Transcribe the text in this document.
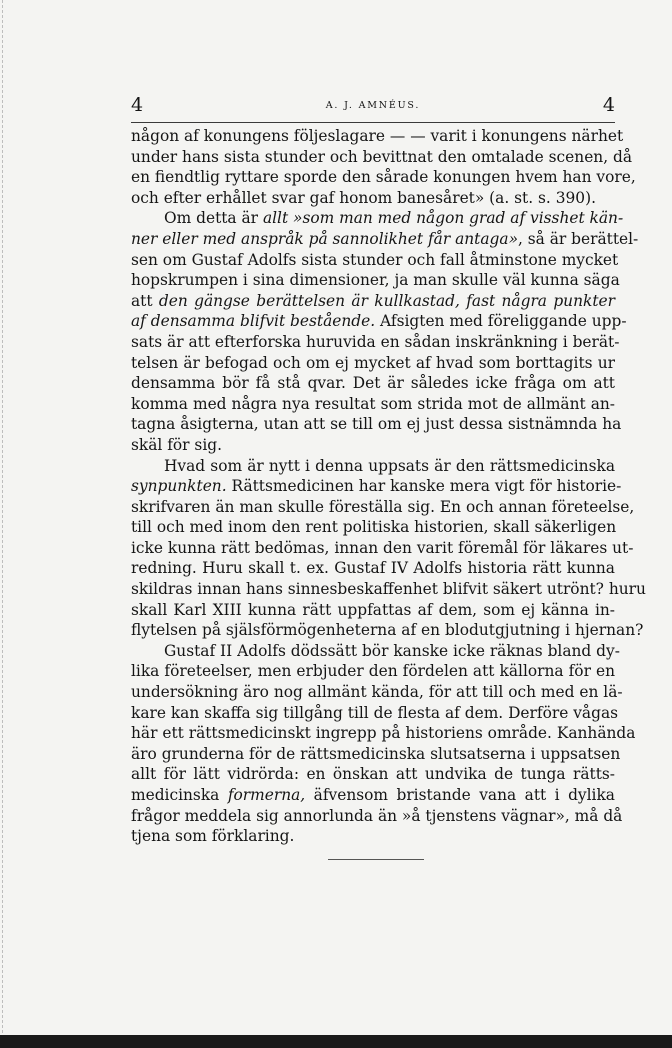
4	A. J. AMNÉUS.	4
någon af konungens följeslagare — — varit i konungens närhet
under hans sista stunder och bevittnat den omtalade scenen, då
en fiendtlig ryttare sporde den sårade konungen hvem han vore,
och efter erhållet svar gaf honom banesåret» (a. st. s. 390).
Om detta är allt »som man med någon grad af visshet kän-
ner eller med anspråk på sannolikhet får antaga», så är berättel-
sen om Gustaf Adolfs sista stunder och fall åtminstone mycket
hopskrumpen i sina dimensioner, ja man skulle väl kunna säga
att den gängse berättelsen är kullkastad, fast några punkter
af densamma blifvit bestående. Afsigten med föreliggande upp-
sats är att efterforska huruvida en sådan inskränkning i berät-
telsen är befogad och om ej mycket af hvad som borttagits ur
densamma bör få stå qvar. Det är således icke fråga om att
komma med några nya resultat som strida mot de allmänt an-
tagna åsigterna, utan att se till om ej just dessa sistnämnda ha
skäl för sig.
Hvad som är nytt i denna uppsats är den rättsmedicinska
synpunkten. Rättsmedicinen har kanske mera vigt för historie-
skrifvaren än man skulle föreställa sig. En och annan företeelse,
till och med inom den rent politiska historien, skall säkerligen
icke kunna rätt bedömas, innan den varit föremål för läkares ut-
redning. Huru skall t. ex. Gustaf IV Adolfs historia rätt kunna
skildras innan hans sinnesbeskaffenhet blifvit säkert utrönt? huru
skall Karl XIII kunna rätt uppfattas af dem, som ej känna in-
flytelsen på själsförmögenheterna af en blodutgjutning i hjernan?
Gustaf II Adolfs dödssätt bör kanske icke räknas bland dy-
lika företeelser, men erbjuder den fördelen att källorna för en
undersökning äro nog allmänt kända, för att till och med en lä-
kare kan skaffa sig tillgång till de flesta af dem. Derföre vågas
här ett rättsmedicinskt ingrepp på historiens område. Kanhända
äro grunderna för de rättsmedicinska slutsatserna i uppsatsen
allt för lätt vidrörda: en önskan att undvika de tunga rätts-
medicinska formerna, äfvensom bristande vana att i dylika
frågor meddela sig annorlunda än »å tjenstens vägnar», må då
tjena som förklaring.
